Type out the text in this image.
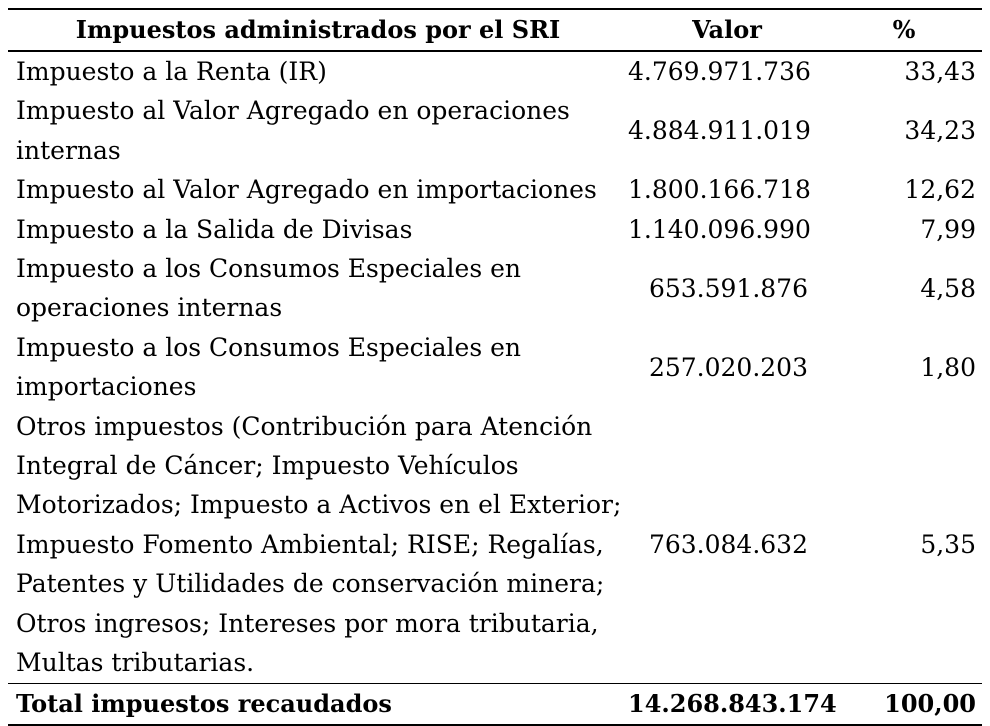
Impuestos administrados por el SRI	Valor	%
Impuesto a la Renta (IR)	4.769.971.736	33,43
Impuesto al Valor Agregado en operaciones internas	4.884.911.019	34,23
Impuesto al Valor Agregado en importaciones	1.800.166.718	12,62
Impuesto a la Salida de Divisas	1.140.096.990	7,99
Impuesto a los Consumos Especiales en operaciones internas	653.591.876	4,58
Impuesto a los Consumos Especiales en importaciones	257.020.203	1,80
Otros impuestos (Contribución para Atención Integral de Cáncer; Impuesto Vehículos Motorizados; Impuesto a Activos en el Exterior; Impuesto Fomento Ambiental; RISE; Regalías, Patentes y Utilidades de conservación minera; Otros ingresos; Intereses por mora tributaria, Multas tributarias.	763.084.632	5,35
Total impuestos recaudados	14.268.843.174	100,00
